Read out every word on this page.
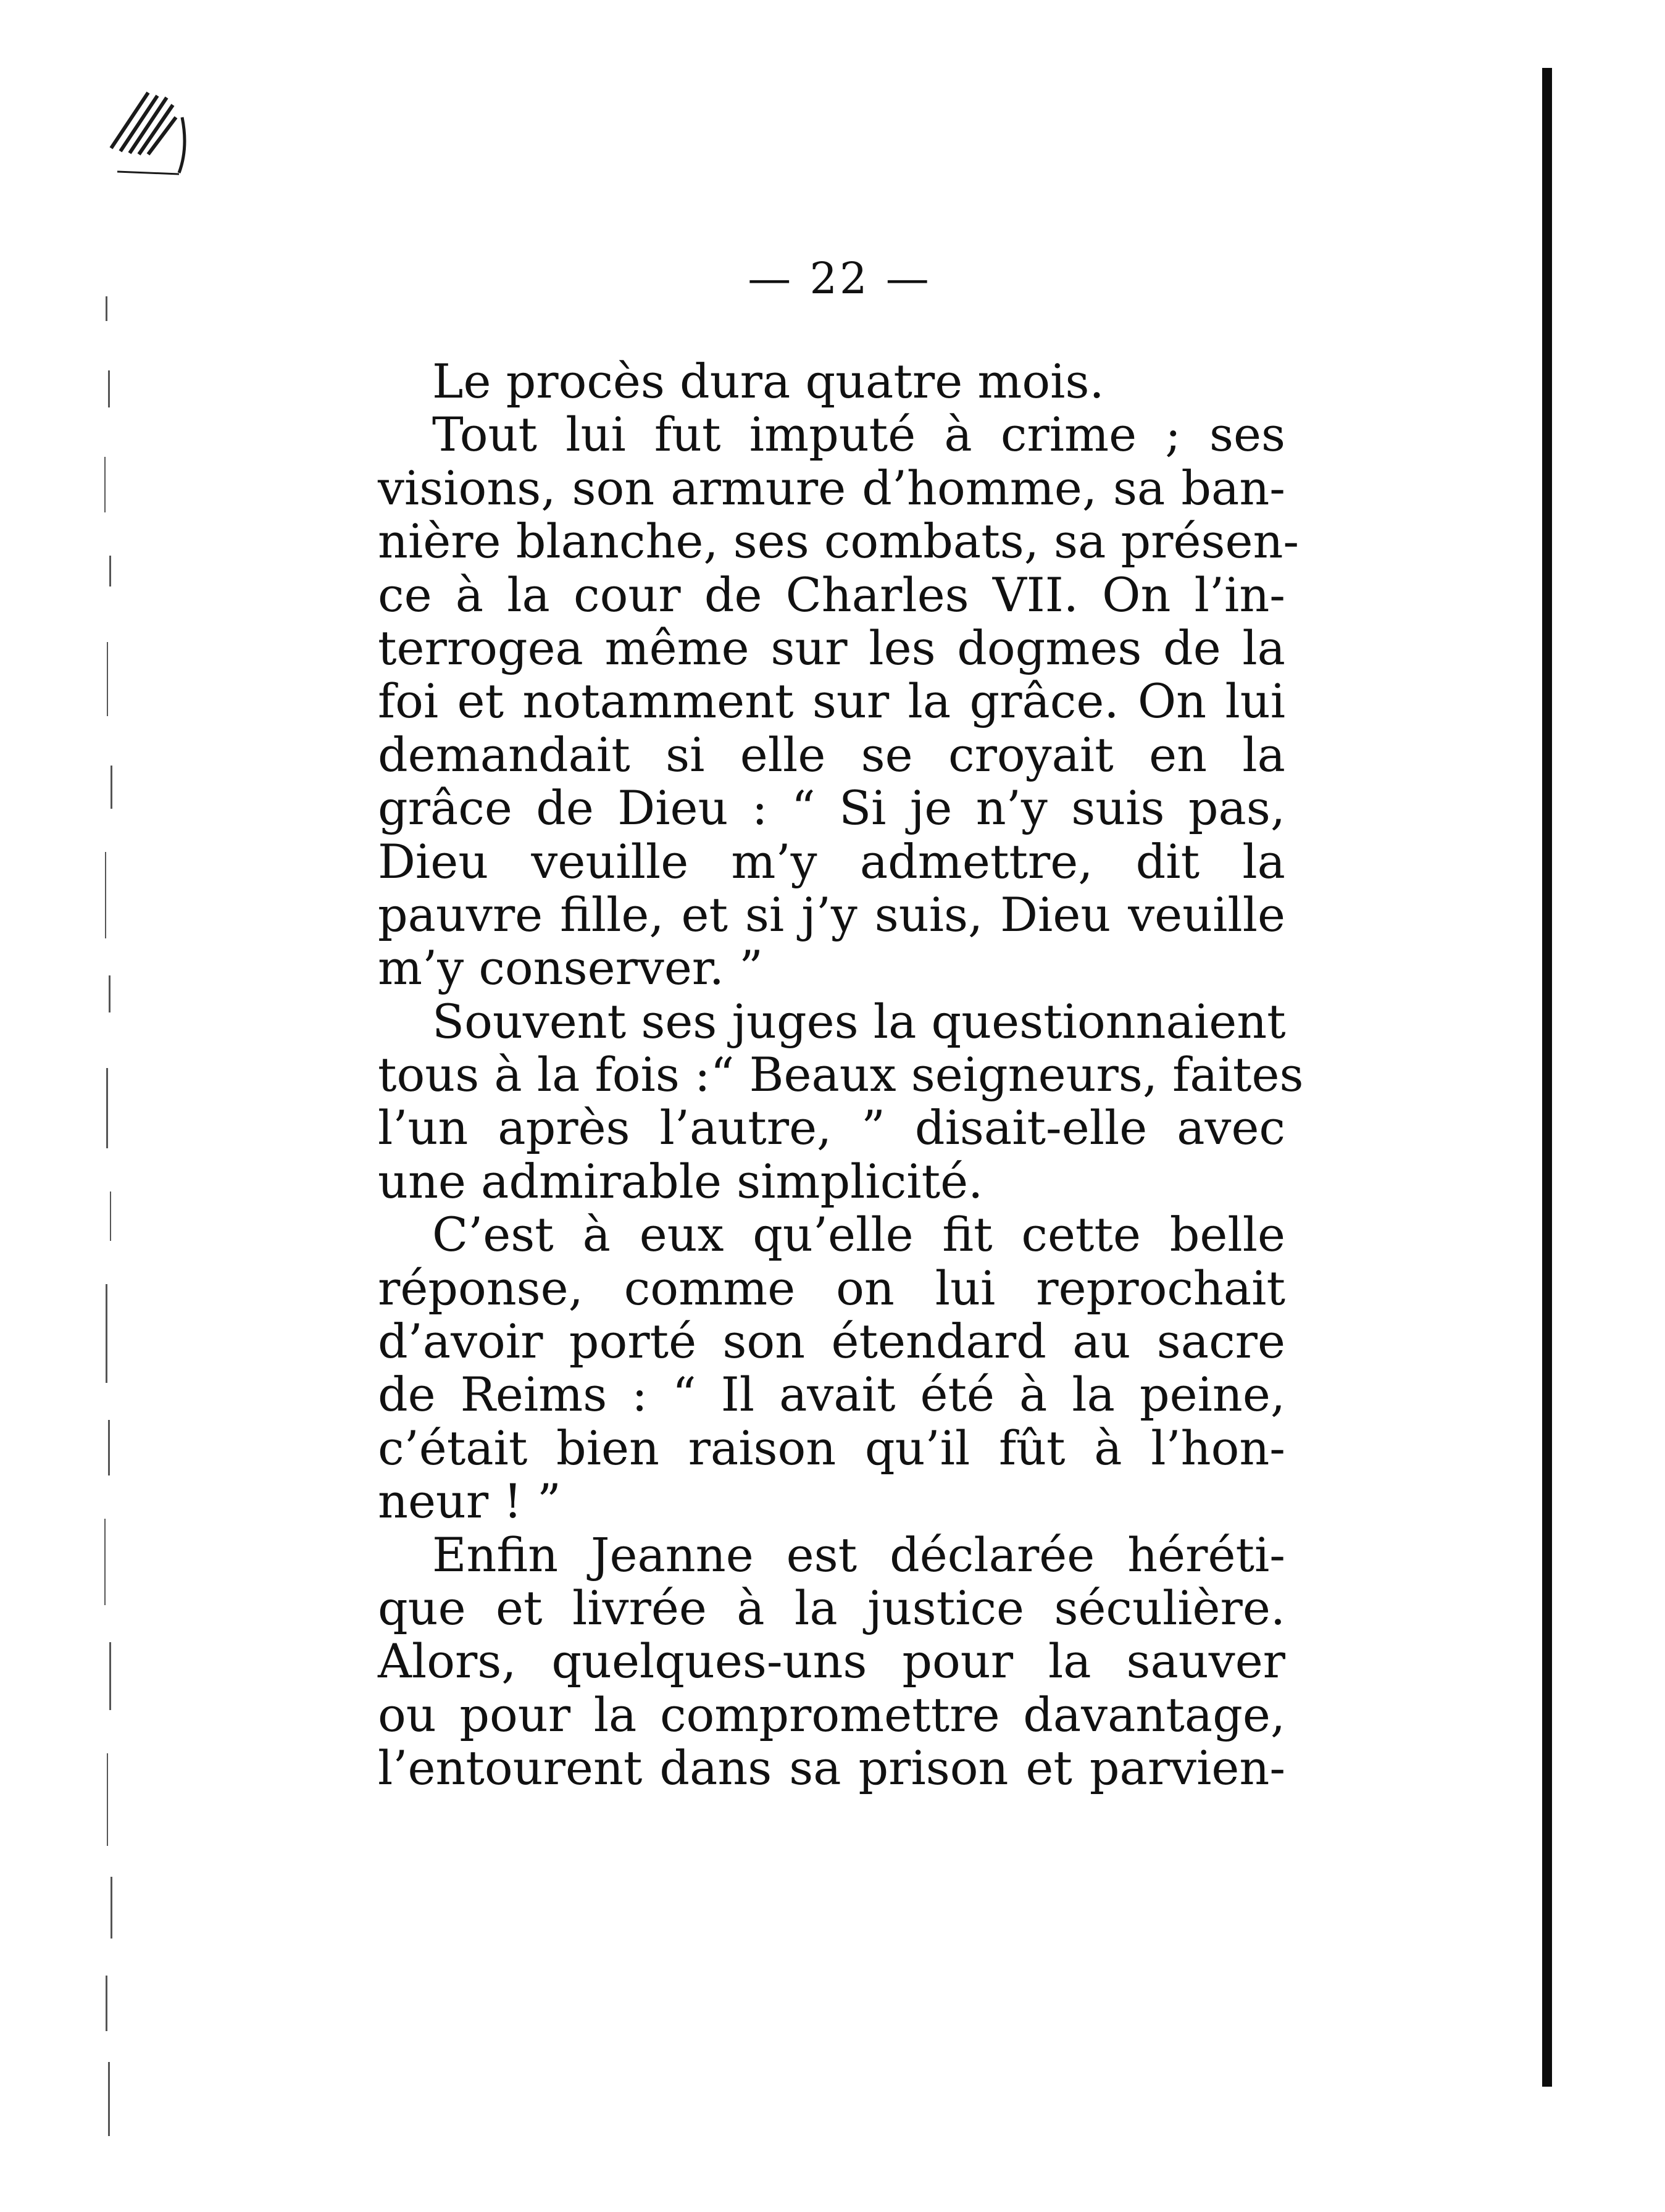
— 22 —
Le procès dura quatre mois.
Tout lui fut imputé à crime ; ses
visions, son armure d’homme, sa ban-
nière blanche, ses combats, sa présen-
ce à la cour de Charles VII. On l’in-
terrogea même sur les dogmes de la
foi et notamment sur la grâce. On lui
demandait si elle se croyait en la
grâce de Dieu : “ Si je n’y suis pas,
Dieu veuille m’y admettre, dit la
pauvre fille, et si j’y suis, Dieu veuille
m’y conserver. ”
Souvent ses juges la questionnaient
tous à la fois :“ Beaux seigneurs, faites
l’un après l’autre, ” disait-elle avec
une admirable simplicité.
C’est à eux qu’elle fit cette belle
réponse, comme on lui reprochait
d’avoir porté son étendard au sacre
de Reims : “ Il avait été à la peine,
c’était bien raison qu’il fût à l’hon-
neur ! ”
Enfin Jeanne est déclarée héréti-
que et livrée à la justice séculière.
Alors, quelques-uns pour la sauver
ou pour la compromettre davantage,
l’entourent dans sa prison et parvien-
